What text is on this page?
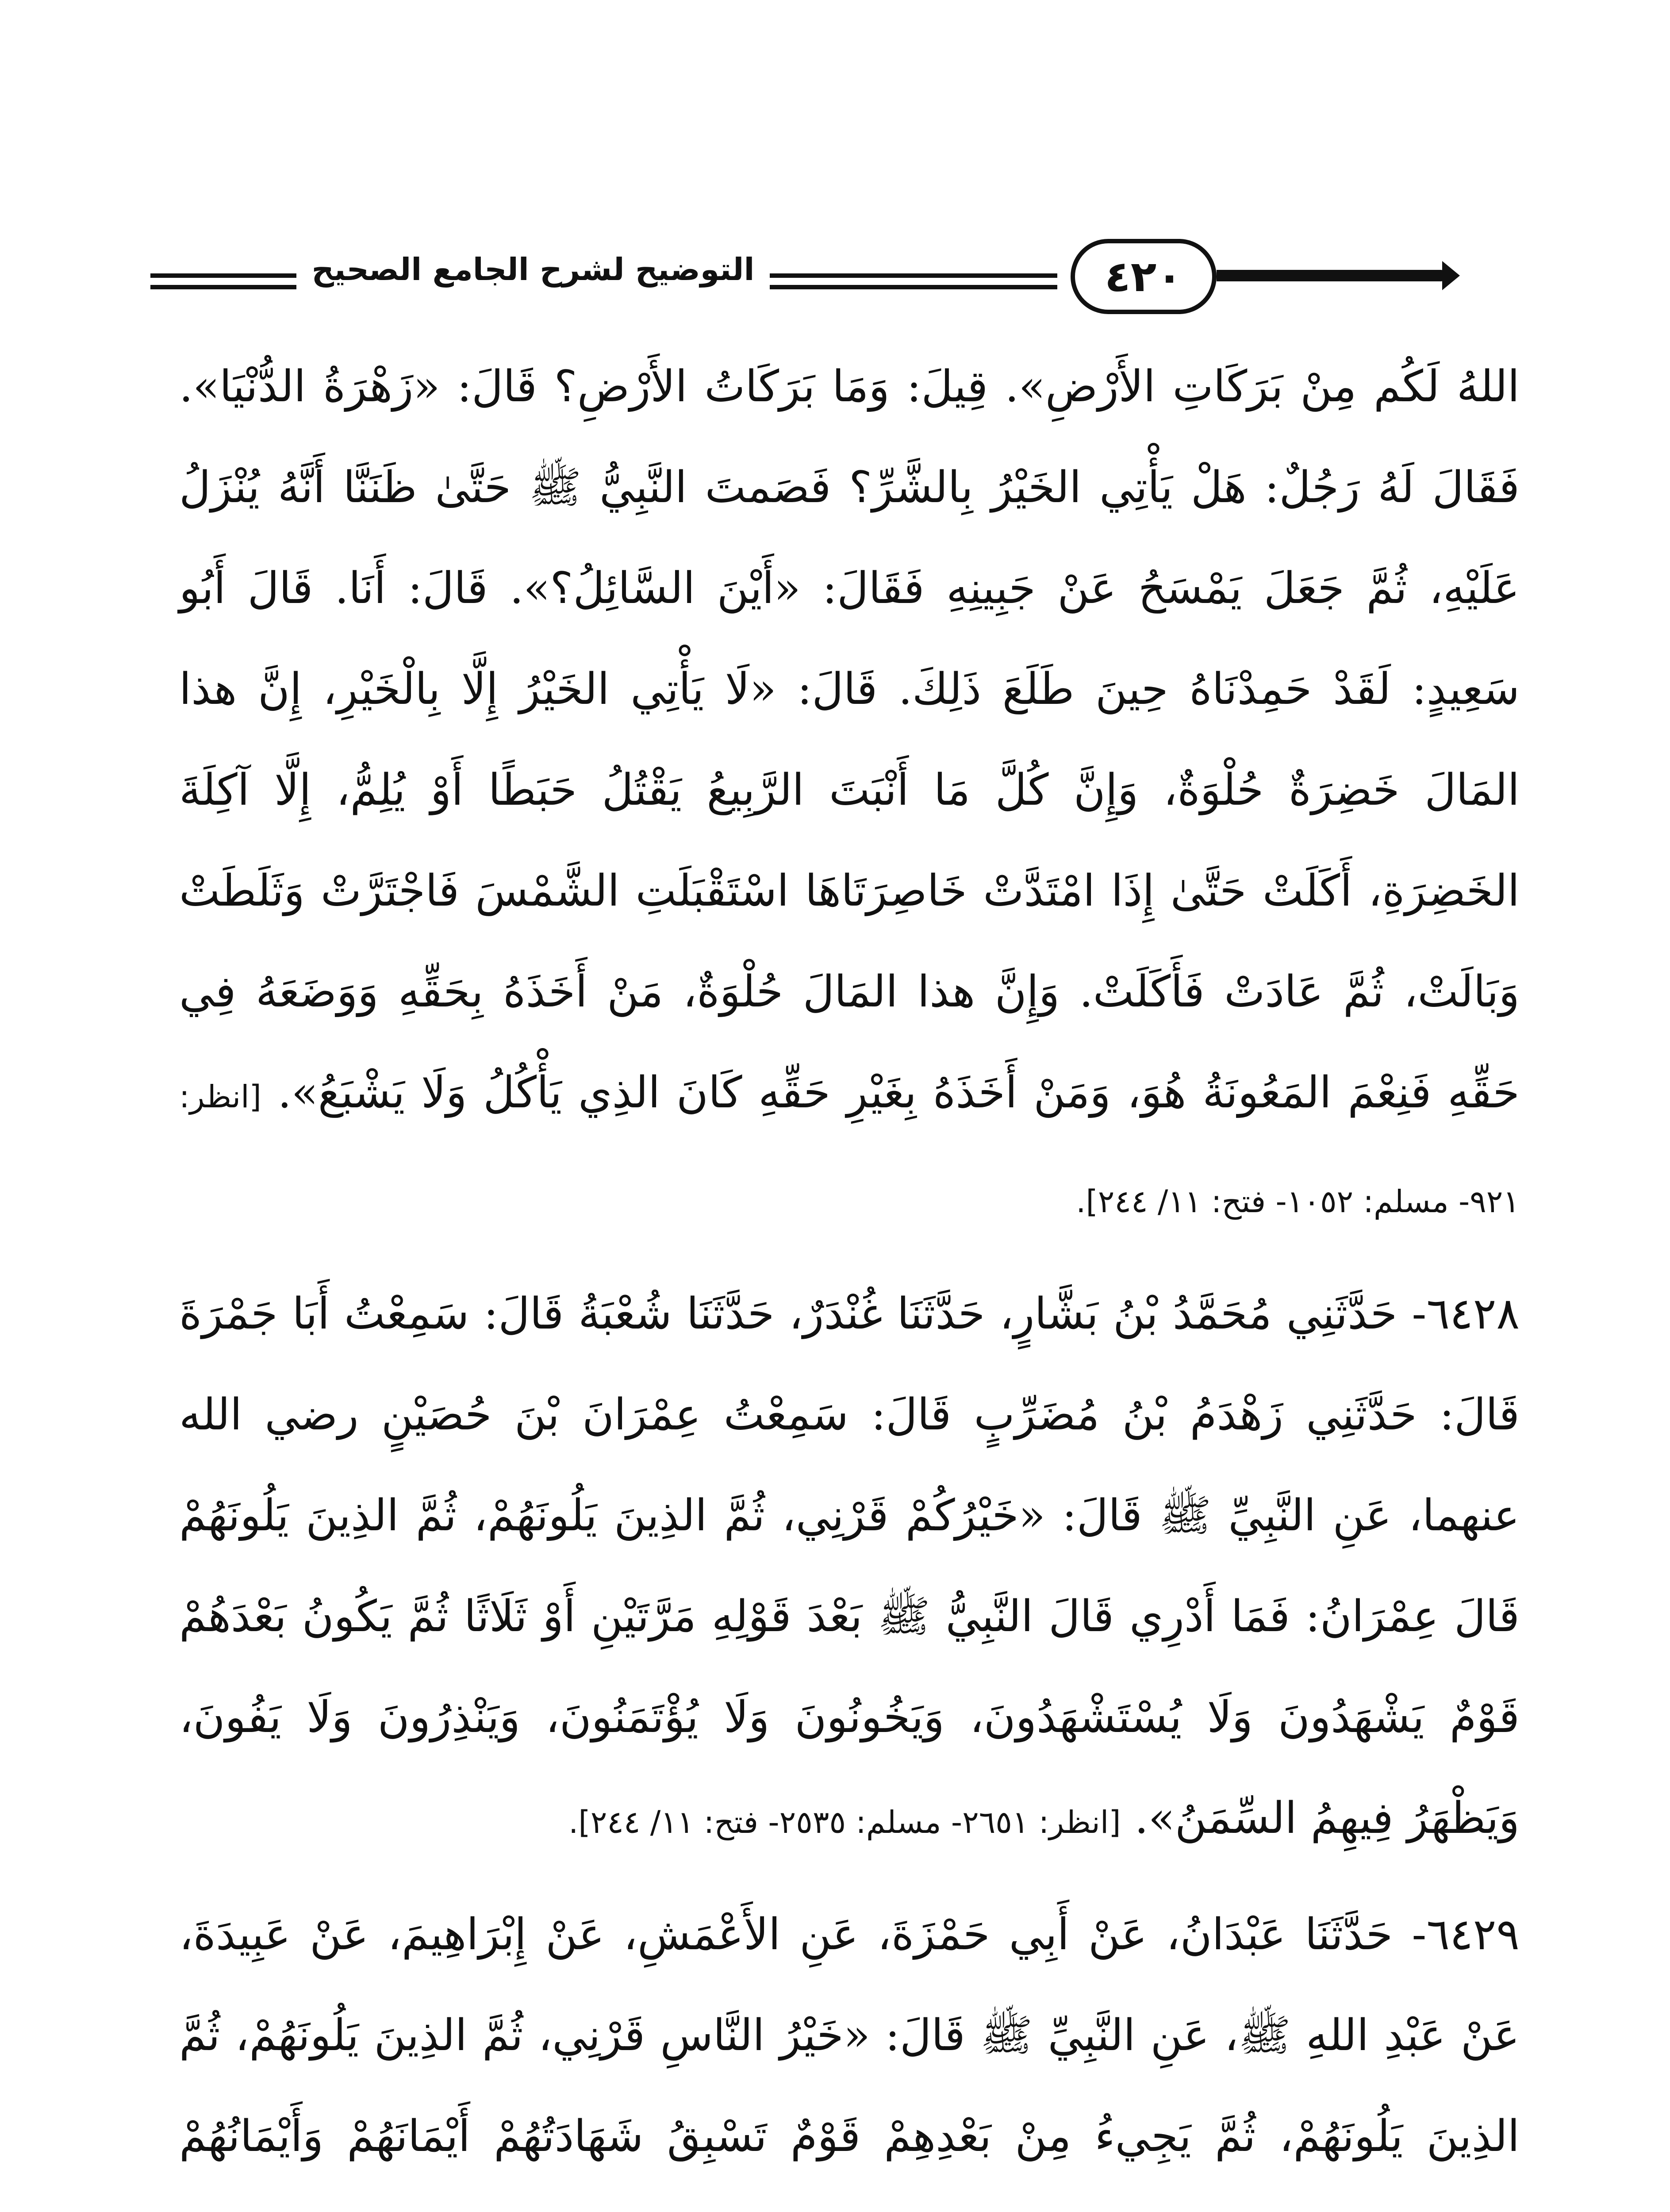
التوضيح لشرح الجامع الصحيح	٤٢٠

اللهُ لَكُم مِنْ بَرَكَاتِ الأَرْضِ». قِيلَ: وَمَا بَرَكَاتُ الأَرْضِ؟ قَالَ: «زَهْرَةُ الدُّنْيَا». فَقَالَ لَهُ رَجُلٌ: هَلْ يَأْتِي الخَيْرُ بِالشَّرِّ؟ فَصَمتَ النَّبِيُّ ﷺ حَتَّىٰ ظَنَنَّا أَنَّهُ يُنْزَلُ عَلَيْهِ، ثُمَّ جَعَلَ يَمْسَحُ عَنْ جَبِينِهِ فَقَالَ: «أَيْنَ السَّائِلُ؟». قَالَ: أَنَا. قَالَ أَبُو سَعِيدٍ: لَقَدْ حَمِدْنَاهُ حِينَ طَلَعَ ذَلِكَ. قَالَ: «لَا يَأْتِي الخَيْرُ إِلَّا بِالْخَيْرِ، إِنَّ هذا المَالَ خَضِرَةٌ حُلْوَةٌ، وَإِنَّ كُلَّ مَا أَنْبَتَ الرَّبِيعُ يَقْتُلُ حَبَطًا أَوْ يُلِمُّ، إِلَّا آكِلَةَ الخَضِرَةِ، أَكَلَتْ حَتَّىٰ إِذَا امْتَدَّتْ خَاصِرَتَاهَا اسْتَقْبَلَتِ الشَّمْسَ فَاجْتَرَّتْ وَثَلَطَتْ وَبَالَتْ، ثُمَّ عَادَتْ فَأَكَلَتْ. وَإِنَّ هذا المَالَ حُلْوَةٌ، مَنْ أَخَذَهُ بِحَقِّهِ وَوَضَعَهُ فِي حَقِّهِ فَنِعْمَ المَعُونَةُ هُوَ، وَمَنْ أَخَذَهُ بِغَيْرِ حَقِّهِ كَانَ الذِي يَأْكُلُ وَلَا يَشْبَعُ». [انظر: ٩٢١- مسلم: ١٠٥٢- فتح: ١١/ ٢٤٤].

٦٤٢٨- حَدَّثَنِي مُحَمَّدُ بْنُ بَشَّارٍ، حَدَّثَنَا غُنْدَرٌ، حَدَّثَنَا شُعْبَةُ قَالَ: سَمِعْتُ أَبَا جَمْرَةَ قَالَ: حَدَّثَنِي زَهْدَمُ بْنُ مُضَرِّبٍ قَالَ: سَمِعْتُ عِمْرَانَ بْنَ حُصَيْنٍ رضي الله عنهما، عَنِ النَّبِيِّ ﷺ قَالَ: «خَيْرُكُمْ قَرْنِي، ثُمَّ الذِينَ يَلُونَهُمْ، ثُمَّ الذِينَ يَلُونَهُمْ قَالَ عِمْرَانُ: فَمَا أَدْرِي قَالَ النَّبِيُّ ﷺ بَعْدَ قَوْلِهِ مَرَّتَيْنِ أَوْ ثَلَاثًا ثُمَّ يَكُونُ بَعْدَهُمْ قَوْمٌ يَشْهَدُونَ وَلَا يُسْتَشْهَدُونَ، وَيَخُونُونَ وَلَا يُؤْتَمَنُونَ، وَيَنْذِرُونَ وَلَا يَفُونَ، وَيَظْهَرُ فِيهِمُ السِّمَنُ». [انظر: ٢٦٥١- مسلم: ٢٥٣٥- فتح: ١١/ ٢٤٤].

٦٤٢٩- حَدَّثَنَا عَبْدَانُ، عَنْ أَبِي حَمْزَةَ، عَنِ الأَعْمَشِ، عَنْ إِبْرَاهِيمَ، عَنْ عَبِيدَةَ، عَنْ عَبْدِ اللهِ ﷺ، عَنِ النَّبِيِّ ﷺ قَالَ: «خَيْرُ النَّاسِ قَرْنِي، ثُمَّ الذِينَ يَلُونَهُمْ، ثُمَّ الذِينَ يَلُونَهُمْ، ثُمَّ يَجِيءُ مِنْ بَعْدِهِمْ قَوْمٌ تَسْبِقُ شَهَادَتُهُمْ أَيْمَانَهُمْ وَأَيْمَانُهُمْ
